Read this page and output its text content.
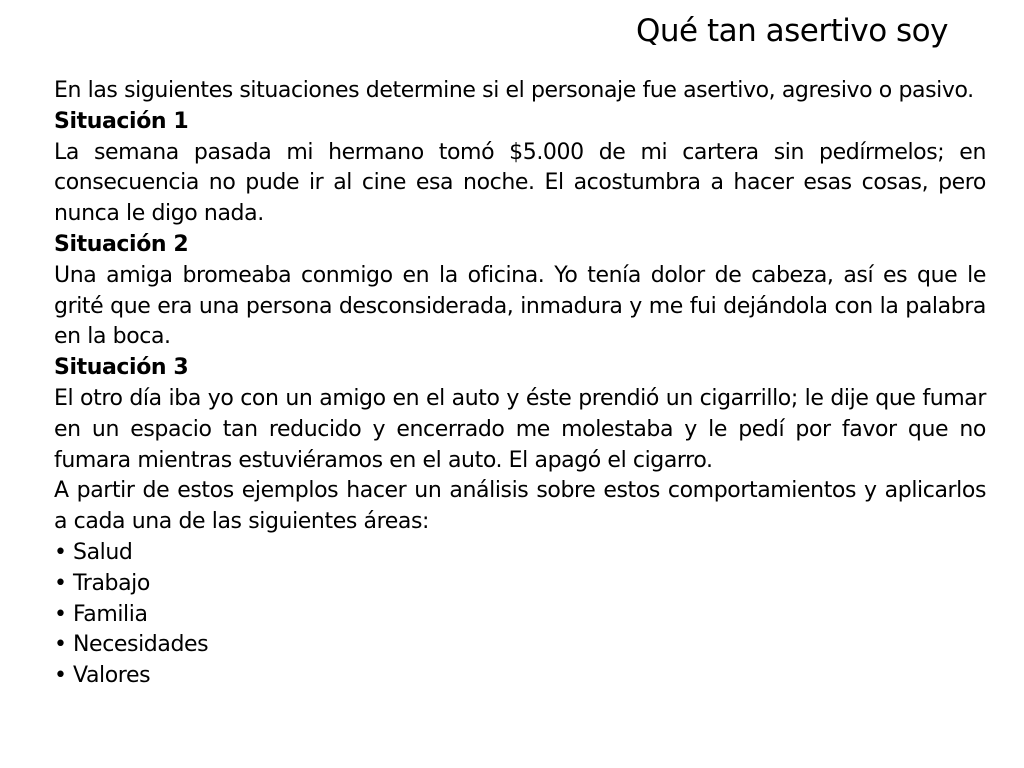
Qué tan asertivo soy

En las siguientes situaciones determine si el personaje fue asertivo, agresivo o pasivo.

Situación 1

La semana pasada mi hermano tomó $5.000 de mi cartera sin pedírmelos; en consecuencia no pude ir al cine esa noche. El acostumbra a hacer esas cosas, pero nunca le digo nada.

Situación 2

Una amiga bromeaba conmigo en la oficina. Yo tenía dolor de cabeza, así es que le grité que era una persona desconsiderada, inmadura y me fui dejándola con la palabra en la boca.

Situación 3

El otro día iba yo con un amigo en el auto y éste prendió un cigarrillo; le dije que fumar en un espacio tan reducido y encerrado me molestaba y le pedí por favor que no fumara mientras estuviéramos en el auto. El apagó el cigarro.

A partir de estos ejemplos hacer un análisis sobre estos comportamientos y aplicarlos a cada una de las siguientes áreas:

• Salud
• Trabajo
• Familia
• Necesidades
• Valores
